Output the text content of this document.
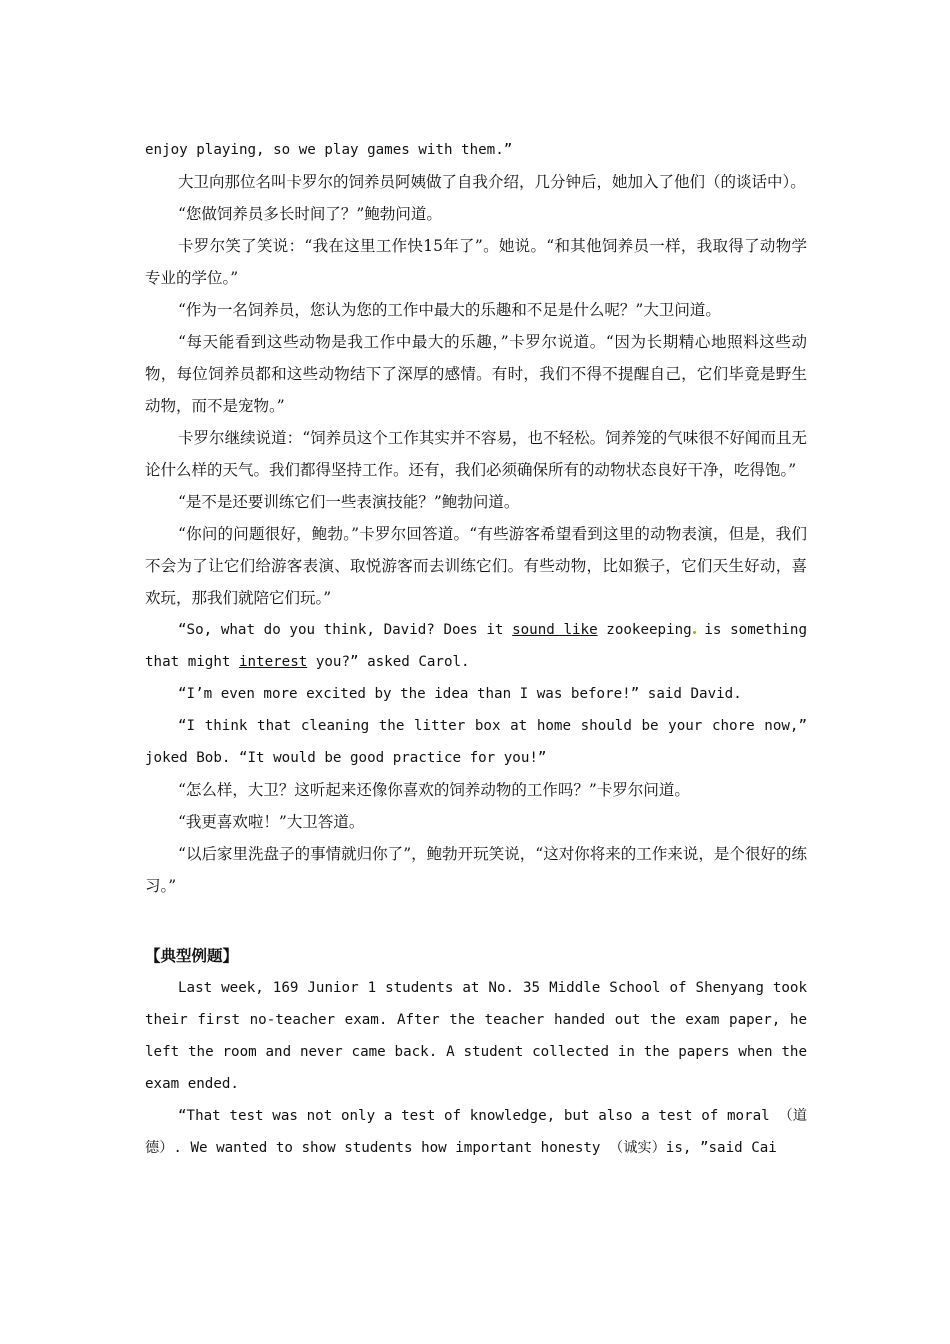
enjoy playing, so we play games with them.”

大卫向那位名叫卡罗尔的饲养员阿姨做了自我介绍，几分钟后，她加入了他们（的谈话中）。

“您做饲养员多长时间了？”鲍勃问道。

卡罗尔笑了笑说：“我在这里工作快15年了”。她说。“和其他饲养员一样，我取得了动物学专业的学位。”

“作为一名饲养员，您认为您的工作中最大的乐趣和不足是什么呢？”大卫问道。

“每天能看到这些动物是我工作中最大的乐趣，”卡罗尔说道。“因为长期精心地照料这些动物，每位饲养员都和这些动物结下了深厚的感情。有时，我们不得不提醒自己，它们毕竟是野生动物，而不是宠物。”

卡罗尔继续说道：“饲养员这个工作其实并不容易，也不轻松。饲养笼的气味很不好闻而且无论什么样的天气。我们都得坚持工作。还有，我们必须确保所有的动物状态良好干净，吃得饱。”

“是不是还要训练它们一些表演技能？”鲍勃问道。

“你问的问题很好，鲍勃。”卡罗尔回答道。“有些游客希望看到这里的动物表演，但是，我们不会为了让它们给游客表演、取悦游客而去训练它们。有些动物，比如猴子，它们天生好动，喜欢玩，那我们就陪它们玩。”

“So, what do you think, David? Does it sound like zookeeping is something that might interest you?” asked Carol.

“I’m even more excited by the idea than I was before!” said David.

“I think that cleaning the litter box at home should be your chore now,” joked Bob. “It would be good practice for you!”

“怎么样，大卫？这听起来还像你喜欢的饲养动物的工作吗？”卡罗尔问道。

“我更喜欢啦！”大卫答道。

“以后家里洗盘子的事情就归你了”，鲍勃开玩笑说，“这对你将来的工作来说，是个很好的练习。”

【典型例题】

Last week, 169 Junior 1 students at No. 35 Middle School of Shenyang took their first no-teacher exam. After the teacher handed out the exam paper, he left the room and never came back. A student collected in the papers when the exam ended.

“That test was not only a test of knowledge, but also a test of moral （道德）. We wanted to show students how important honesty （诚实）is, ”said Cai
